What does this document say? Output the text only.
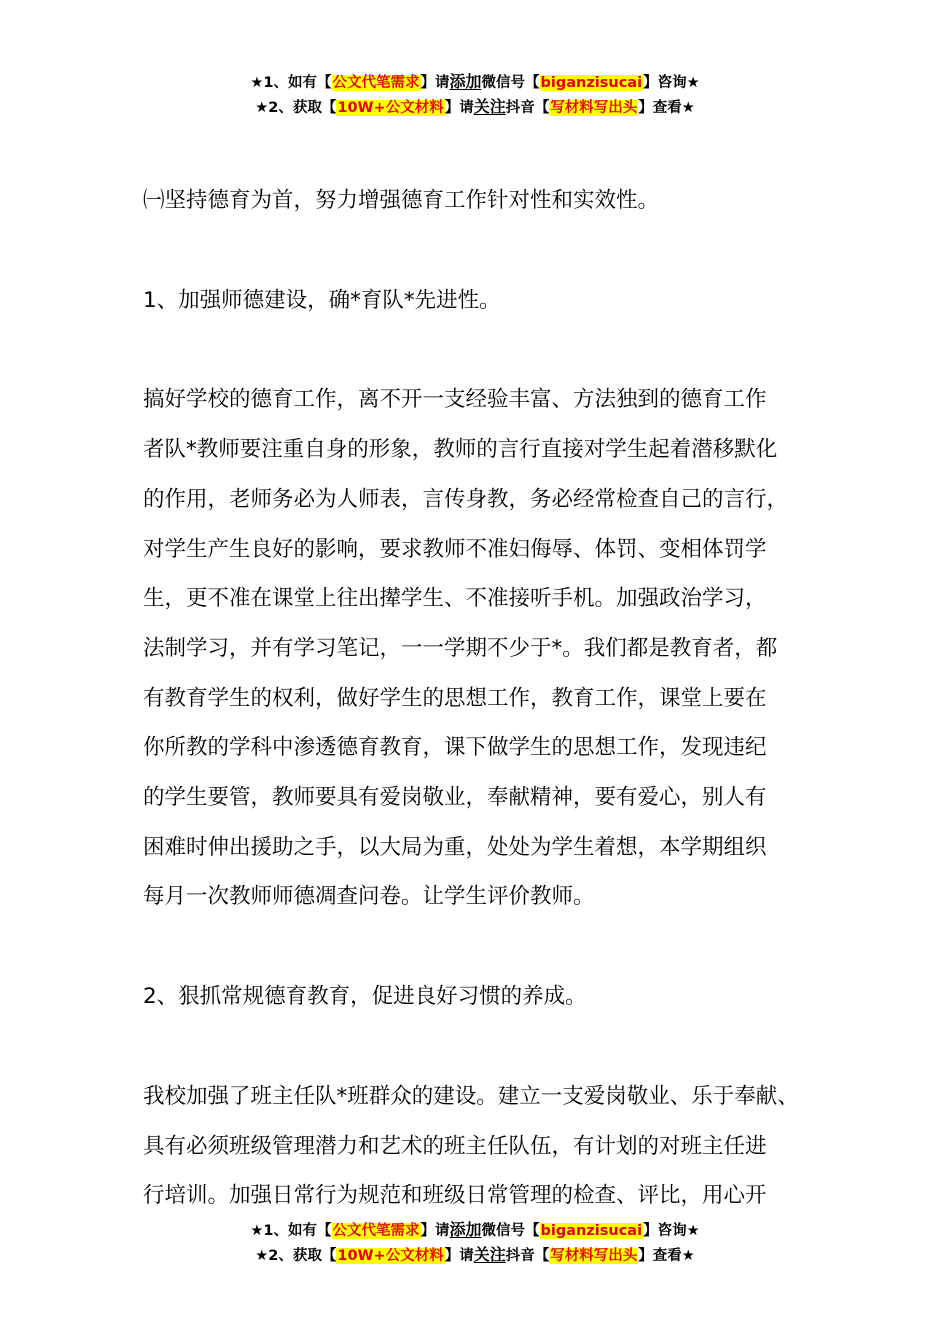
★1、如有【公文代笔需求】请添加微信号【biganzisucai】咨询★
★2、获取【10W+公文材料】请关注抖音【写材料写出头】查看★

㈠坚持德育为首，努力增强德育工作针对性和实效性。

1、加强师德建设，确*育队*先进性。

搞好学校的德育工作，离不开一支经验丰富、方法独到的德育工作
者队*教师要注重自身的形象，教师的言行直接对学生起着潜移默化
的作用，老师务必为人师表，言传身教，务必经常检查自己的言行，
对学生产生良好的影响，要求教师不准妇侮辱、体罚、变相体罚学
生，更不准在课堂上往出撵学生、不准接听手机。加强政治学习，
法制学习，并有学习笔记，一一学期不少于*。我们都是教育者，都
有教育学生的权利，做好学生的思想工作，教育工作，课堂上要在
你所教的学科中渗透德育教育，课下做学生的思想工作，发现违纪
的学生要管，教师要具有爱岗敬业，奉献精神，要有爱心，别人有
困难时伸出援助之手，以大局为重，处处为学生着想，本学期组织
每月一次教师师德凋查问卷。让学生评价教师。

2、狠抓常规德育教育，促进良好习惯的养成。

我校加强了班主任队*班群众的建设。建立一支爱岗敬业、乐于奉献、
具有必须班级管理潜力和艺术的班主任队伍，有计划的对班主任进
行培训。加强日常行为规范和班级日常管理的检查、评比，用心开

★1、如有【公文代笔需求】请添加微信号【biganzisucai】咨询★
★2、获取【10W+公文材料】请关注抖音【写材料写出头】查看★
